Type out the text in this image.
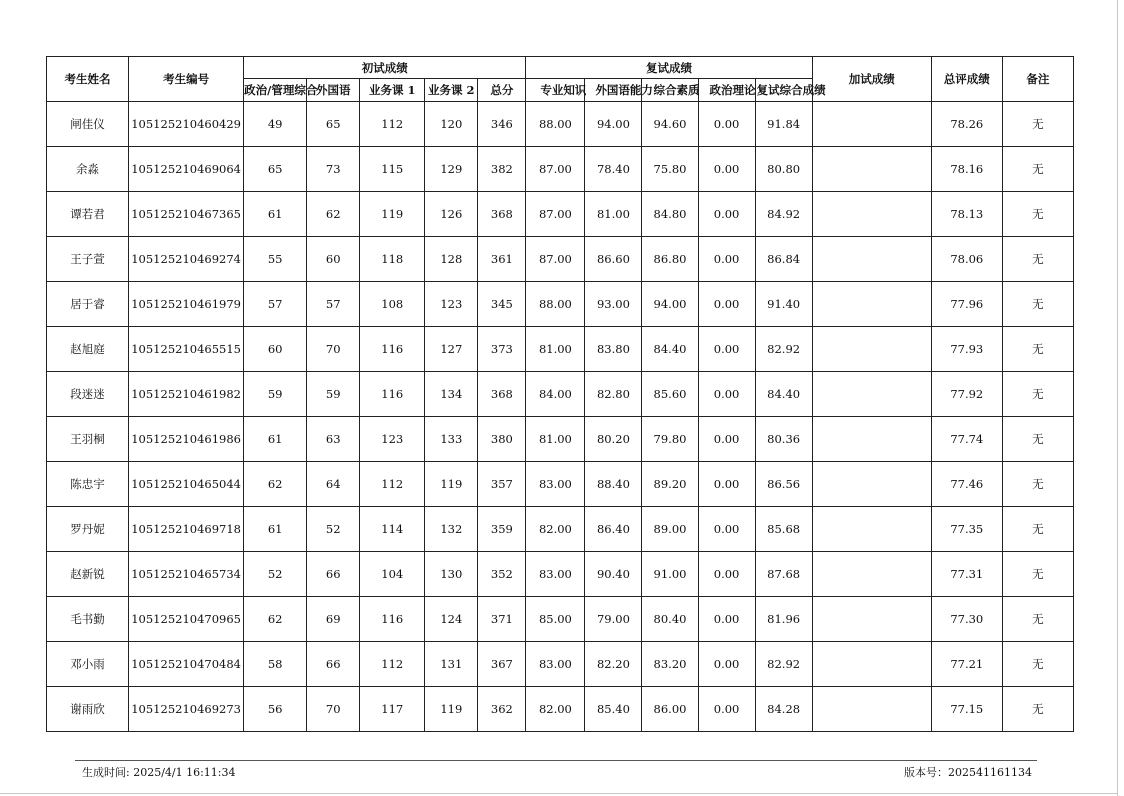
考生姓名	考生编号	初试成绩					复试成绩					加试成绩	总评成绩	备注
		政治/管理综合	外国语	业务课 1	业务课 2	总分	专业知识	外国语能力	综合素质	政治理论	复试综合成绩			
闸佳仪	105125210460429	49	65	112	120	346	88.00	94.00	94.60	0.00	91.84		78.26	无
余淼	105125210469064	65	73	115	129	382	87.00	78.40	75.80	0.00	80.80		78.16	无
谭若君	105125210467365	61	62	119	126	368	87.00	81.00	84.80	0.00	84.92		78.13	无
王子萱	105125210469274	55	60	118	128	361	87.00	86.60	86.80	0.00	86.84		78.06	无
居于睿	105125210461979	57	57	108	123	345	88.00	93.00	94.00	0.00	91.40		77.96	无
赵旭庭	105125210465515	60	70	116	127	373	81.00	83.80	84.40	0.00	82.92		77.93	无
段迷迷	105125210461982	59	59	116	134	368	84.00	82.80	85.60	0.00	84.40		77.92	无
王羽桐	105125210461986	61	63	123	133	380	81.00	80.20	79.80	0.00	80.36		77.74	无
陈忠宇	105125210465044	62	64	112	119	357	83.00	88.40	89.20	0.00	86.56		77.46	无
罗丹妮	105125210469718	61	52	114	132	359	82.00	86.40	89.00	0.00	85.68		77.35	无
赵新锐	105125210465734	52	66	104	130	352	83.00	90.40	91.00	0.00	87.68		77.31	无
毛书勤	105125210470965	62	69	116	124	371	85.00	79.00	80.40	0.00	81.96		77.30	无
邓小雨	105125210470484	58	66	112	131	367	83.00	82.20	83.20	0.00	82.92		77.21	无
谢雨欣	105125210469273	56	70	117	119	362	82.00	85.40	86.00	0.00	84.28		77.15	无
生成时间: 2025/4/1 16:11:34	版本号：202541161134
